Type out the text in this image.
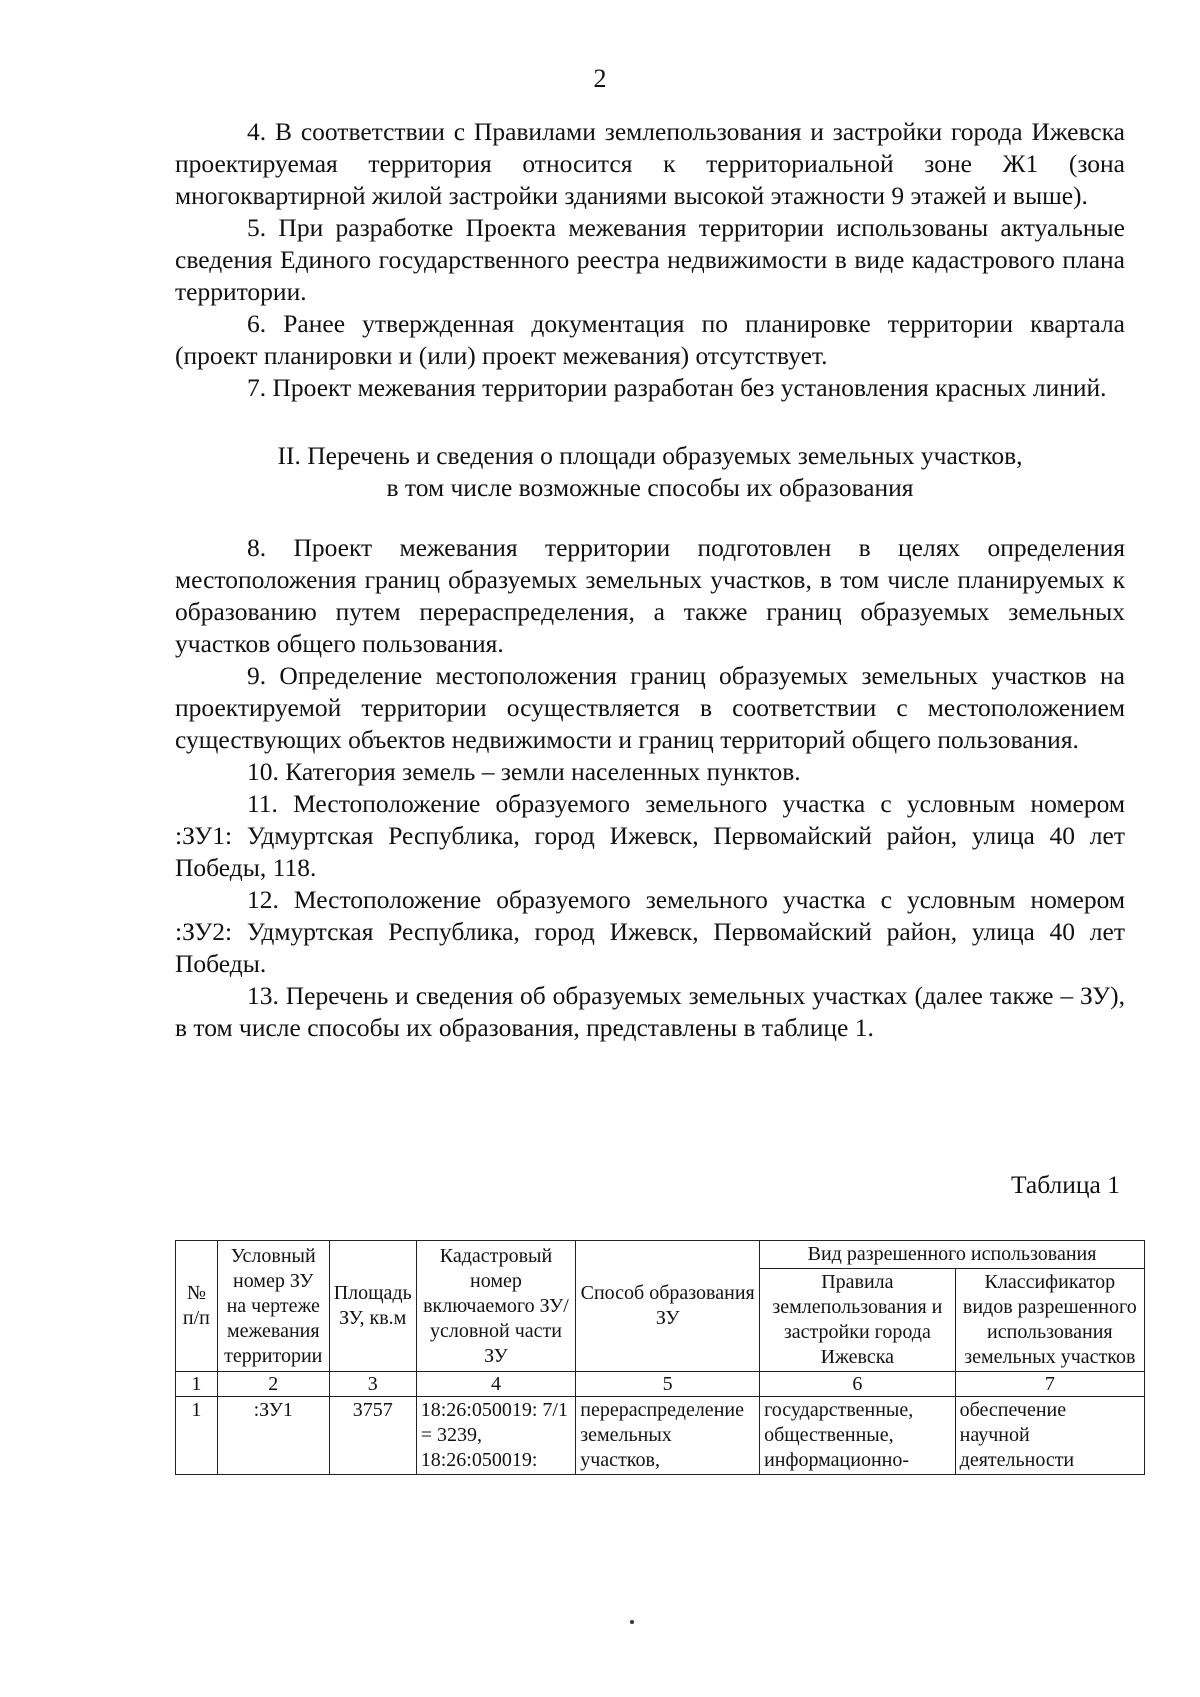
2

4. В соответствии с Правилами землепользования и застройки города Ижевска проектируемая территория относится к территориальной зоне Ж1 (зона многоквартирной жилой застройки зданиями высокой этажности 9 этажей и выше).

5. При разработке Проекта межевания территории использованы актуальные сведения Единого государственного реестра недвижимости в виде кадастрового плана территории.

6. Ранее утвержденная документация по планировке территории квартала (проект планировки и (или) проект межевания) отсутствует.

7. Проект межевания территории разработан без установления красных линий.

II. Перечень и сведения о площади образуемых земельных участков,
в том числе возможные способы их образования

8. Проект межевания территории подготовлен в целях определения местоположения границ образуемых земельных участков, в том числе планируемых к образованию путем перераспределения, а также границ образуемых земельных участков общего пользования.

9. Определение местоположения границ образуемых земельных участков на проектируемой территории осуществляется в соответствии с местоположением существующих объектов недвижимости и границ территорий общего пользования.

10. Категория земель – земли населенных пунктов.

11. Местоположение образуемого земельного участка с условным номером :ЗУ1: Удмуртская Республика, город Ижевск, Первомайский район, улица 40 лет Победы, 118.

12. Местоположение образуемого земельного участка с условным номером :ЗУ2: Удмуртская Республика, город Ижевск, Первомайский район, улица 40 лет Победы.

13. Перечень и сведения об образуемых земельных участках (далее также – ЗУ), в том числе способы их образования, представлены в таблице 1.

Таблица 1
№ п/п	Условный номер ЗУ на чертеже межевания территории	Площадь ЗУ, кв.м	Кадастровый номер включаемого ЗУ/условной части ЗУ	Способ образования ЗУ	Вид разрешенного использования	
					Правила землепользования и застройки города Ижевска	Классификатор видов разрешенного использования земельных участков
1	2	3	4	5	6	7
1	:ЗУ1	3757	18:26:050019: 7/1 = 3239, 18:26:050019:	перераспределение земельных участков,	государственные, общественные, информационно-	обеспечение научной деятельности
